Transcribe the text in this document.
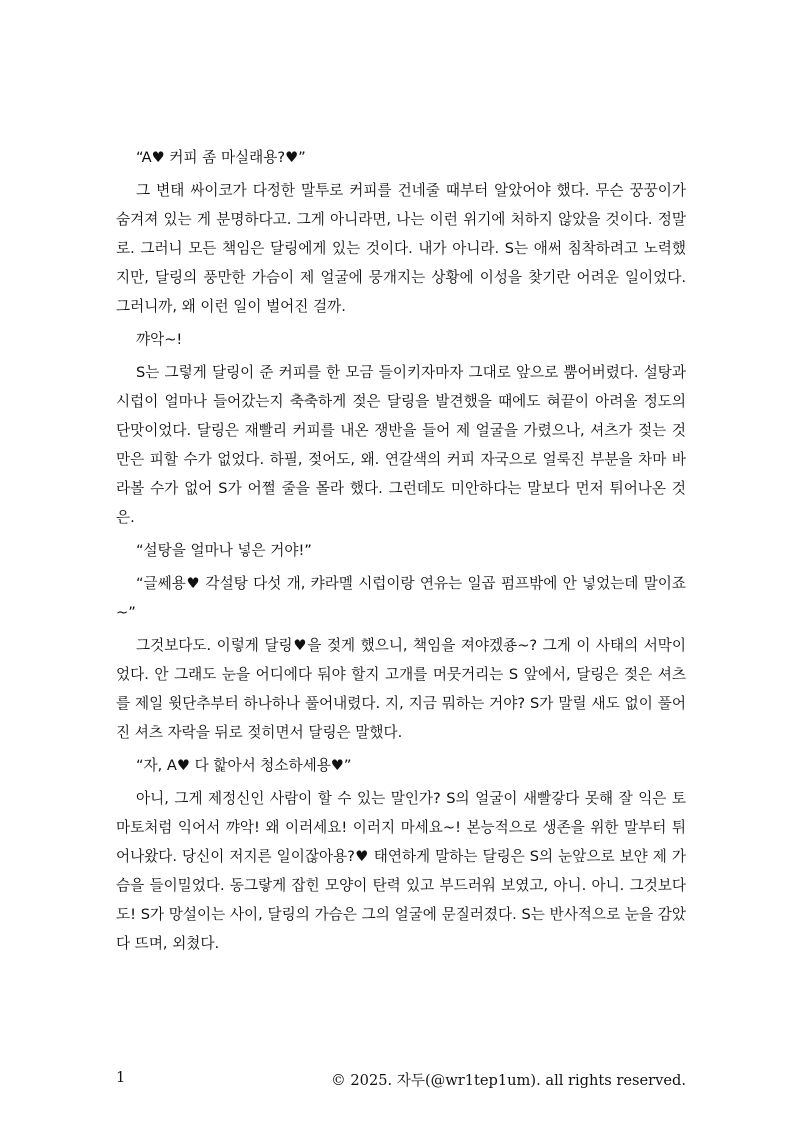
“A♥ 커피 좀 마실래용?♥”

그 변태 싸이코가 다정한 말투로 커피를 건네줄 때부터 알았어야 했다. 무슨 꿍꿍이가 숨겨져 있는 게 분명하다고. 그게 아니라면, 나는 이런 위기에 처하지 않았을 것이다. 정말로. 그러니 모든 책임은 달링에게 있는 것이다. 내가 아니라. S는 애써 침착하려고 노력했지만, 달링의 풍만한 가슴이 제 얼굴에 뭉개지는 상황에 이성을 찾기란 어려운 일이었다. 그러니까, 왜 이런 일이 벌어진 걸까.

꺄악~!

S는 그렇게 달링이 준 커피를 한 모금 들이키자마자 그대로 앞으로 뿜어버렸다. 설탕과 시럽이 얼마나 들어갔는지 축축하게 젖은 달링을 발견했을 때에도 혀끝이 아려올 정도의 단맛이었다. 달링은 재빨리 커피를 내온 쟁반을 들어 제 얼굴을 가렸으나, 셔츠가 젖는 것만은 피할 수가 없었다. 하필, 젖어도, 왜. 연갈색의 커피 자국으로 얼룩진 부분을 차마 바라볼 수가 없어 S가 어쩔 줄을 몰라 했다. 그런데도 미안하다는 말보다 먼저 튀어나온 것은.

“설탕을 얼마나 넣은 거야!”

“글쎄용♥ 각설탕 다섯 개, 캬라멜 시럽이랑 연유는 일곱 펌프밖에 안 넣었는데 말이죠~”

그것보다도. 이렇게 달링♥을 젖게 했으니, 책임을 져야겠죵~? 그게 이 사태의 서막이었다. 안 그래도 눈을 어디에다 둬야 할지 고개를 머뭇거리는 S 앞에서, 달링은 젖은 셔츠를 제일 윗단추부터 하나하나 풀어내렸다. 지, 지금 뭐하는 거야? S가 말릴 새도 없이 풀어진 셔츠 자락을 뒤로 젖히면서 달링은 말했다.

“자, A♥ 다 핥아서 청소하세용♥”

아니, 그게 제정신인 사람이 할 수 있는 말인가? S의 얼굴이 새빨갛다 못해 잘 익은 토마토처럼 익어서 꺄악! 왜 이러세요! 이러지 마세요~! 본능적으로 생존을 위한 말부터 튀어나왔다. 당신이 저지른 일이잖아용?♥ 태연하게 말하는 달링은 S의 눈앞으로 보얀 제 가슴을 들이밀었다. 동그랗게 잡힌 모양이 탄력 있고 부드러워 보였고, 아니. 아니. 그것보다도! S가 망설이는 사이, 달링의 가슴은 그의 얼굴에 문질러졌다. S는 반사적으로 눈을 감았다 뜨며, 외쳤다.

1	© 2025. 자두(@wr1tep1um). all rights reserved.
